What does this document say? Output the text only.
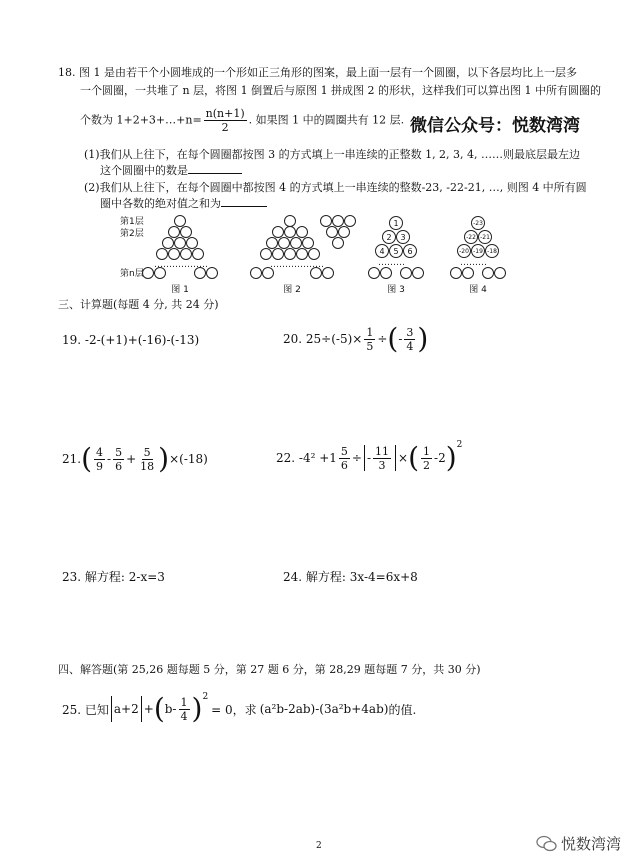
18. 图 1 是由若干个小圆堆成的一个形如正三角形的图案，最上面一层有一个圆圈，以下各层均比上一层多
一个圆圈，一共堆了 n 层，将图 1 倒置后与原图 1 拼成图 2 的形状，这样我们可以算出图 1 中所有圆圈的
个数为 1+2+3+…+n= $\frac{n(n+1)}{2}$ . 如果图 1 中的圆圈共有 12 层. 微信公众号：悦数湾湾
(1)我们从上往下，在每个圆圈都按图 3 的方式填上一串连续的正整数 1, 2, 3, 4, ……则最底层最左边
这个圆圈中的数是
(2)我们从上往下，在每个圆圈中都按图 4 的方式填上一串连续的整数-23, -22-21, …, 则图 4 中所有圆
圈中各数的绝对值之和为
………………	………………	………	………
1
2 3
4 5 6
-23
-22 -21
-20 -19 -18
第1层
第2层
第n层
图 1	图 2	图 3	图 4
三、计算题(每题 4 分, 共 24 分)
19. -2-(+1)+(-16)-(-13)	20. $25\div(-5)\times \frac{1}{5}$ ÷ ( - $\frac{3}{4}$ )
21. ( $\frac{4}{9} - \frac{5}{6} + \frac{5}{18}$ ) ×(-18)	22. $-4^2 +1 \frac{5}{6}$ ÷ - $\frac{11}{3}$ × ( $\frac{1}{2} -2$ )$^2$
23. 解方程: 2-x=3	24. 解方程: 3x-4=6x+8
四、解答题(第 25,26 题每题 5 分，第 27 题 6 分，第 28,29 题每题 7 分，共 30 分)
25. 已知 a+2 + ( $b- \frac{1}{4} )^2$
= 0，求 (a²b-2ab)-(3a²b+4ab) 的值.
2	悦数湾湾
